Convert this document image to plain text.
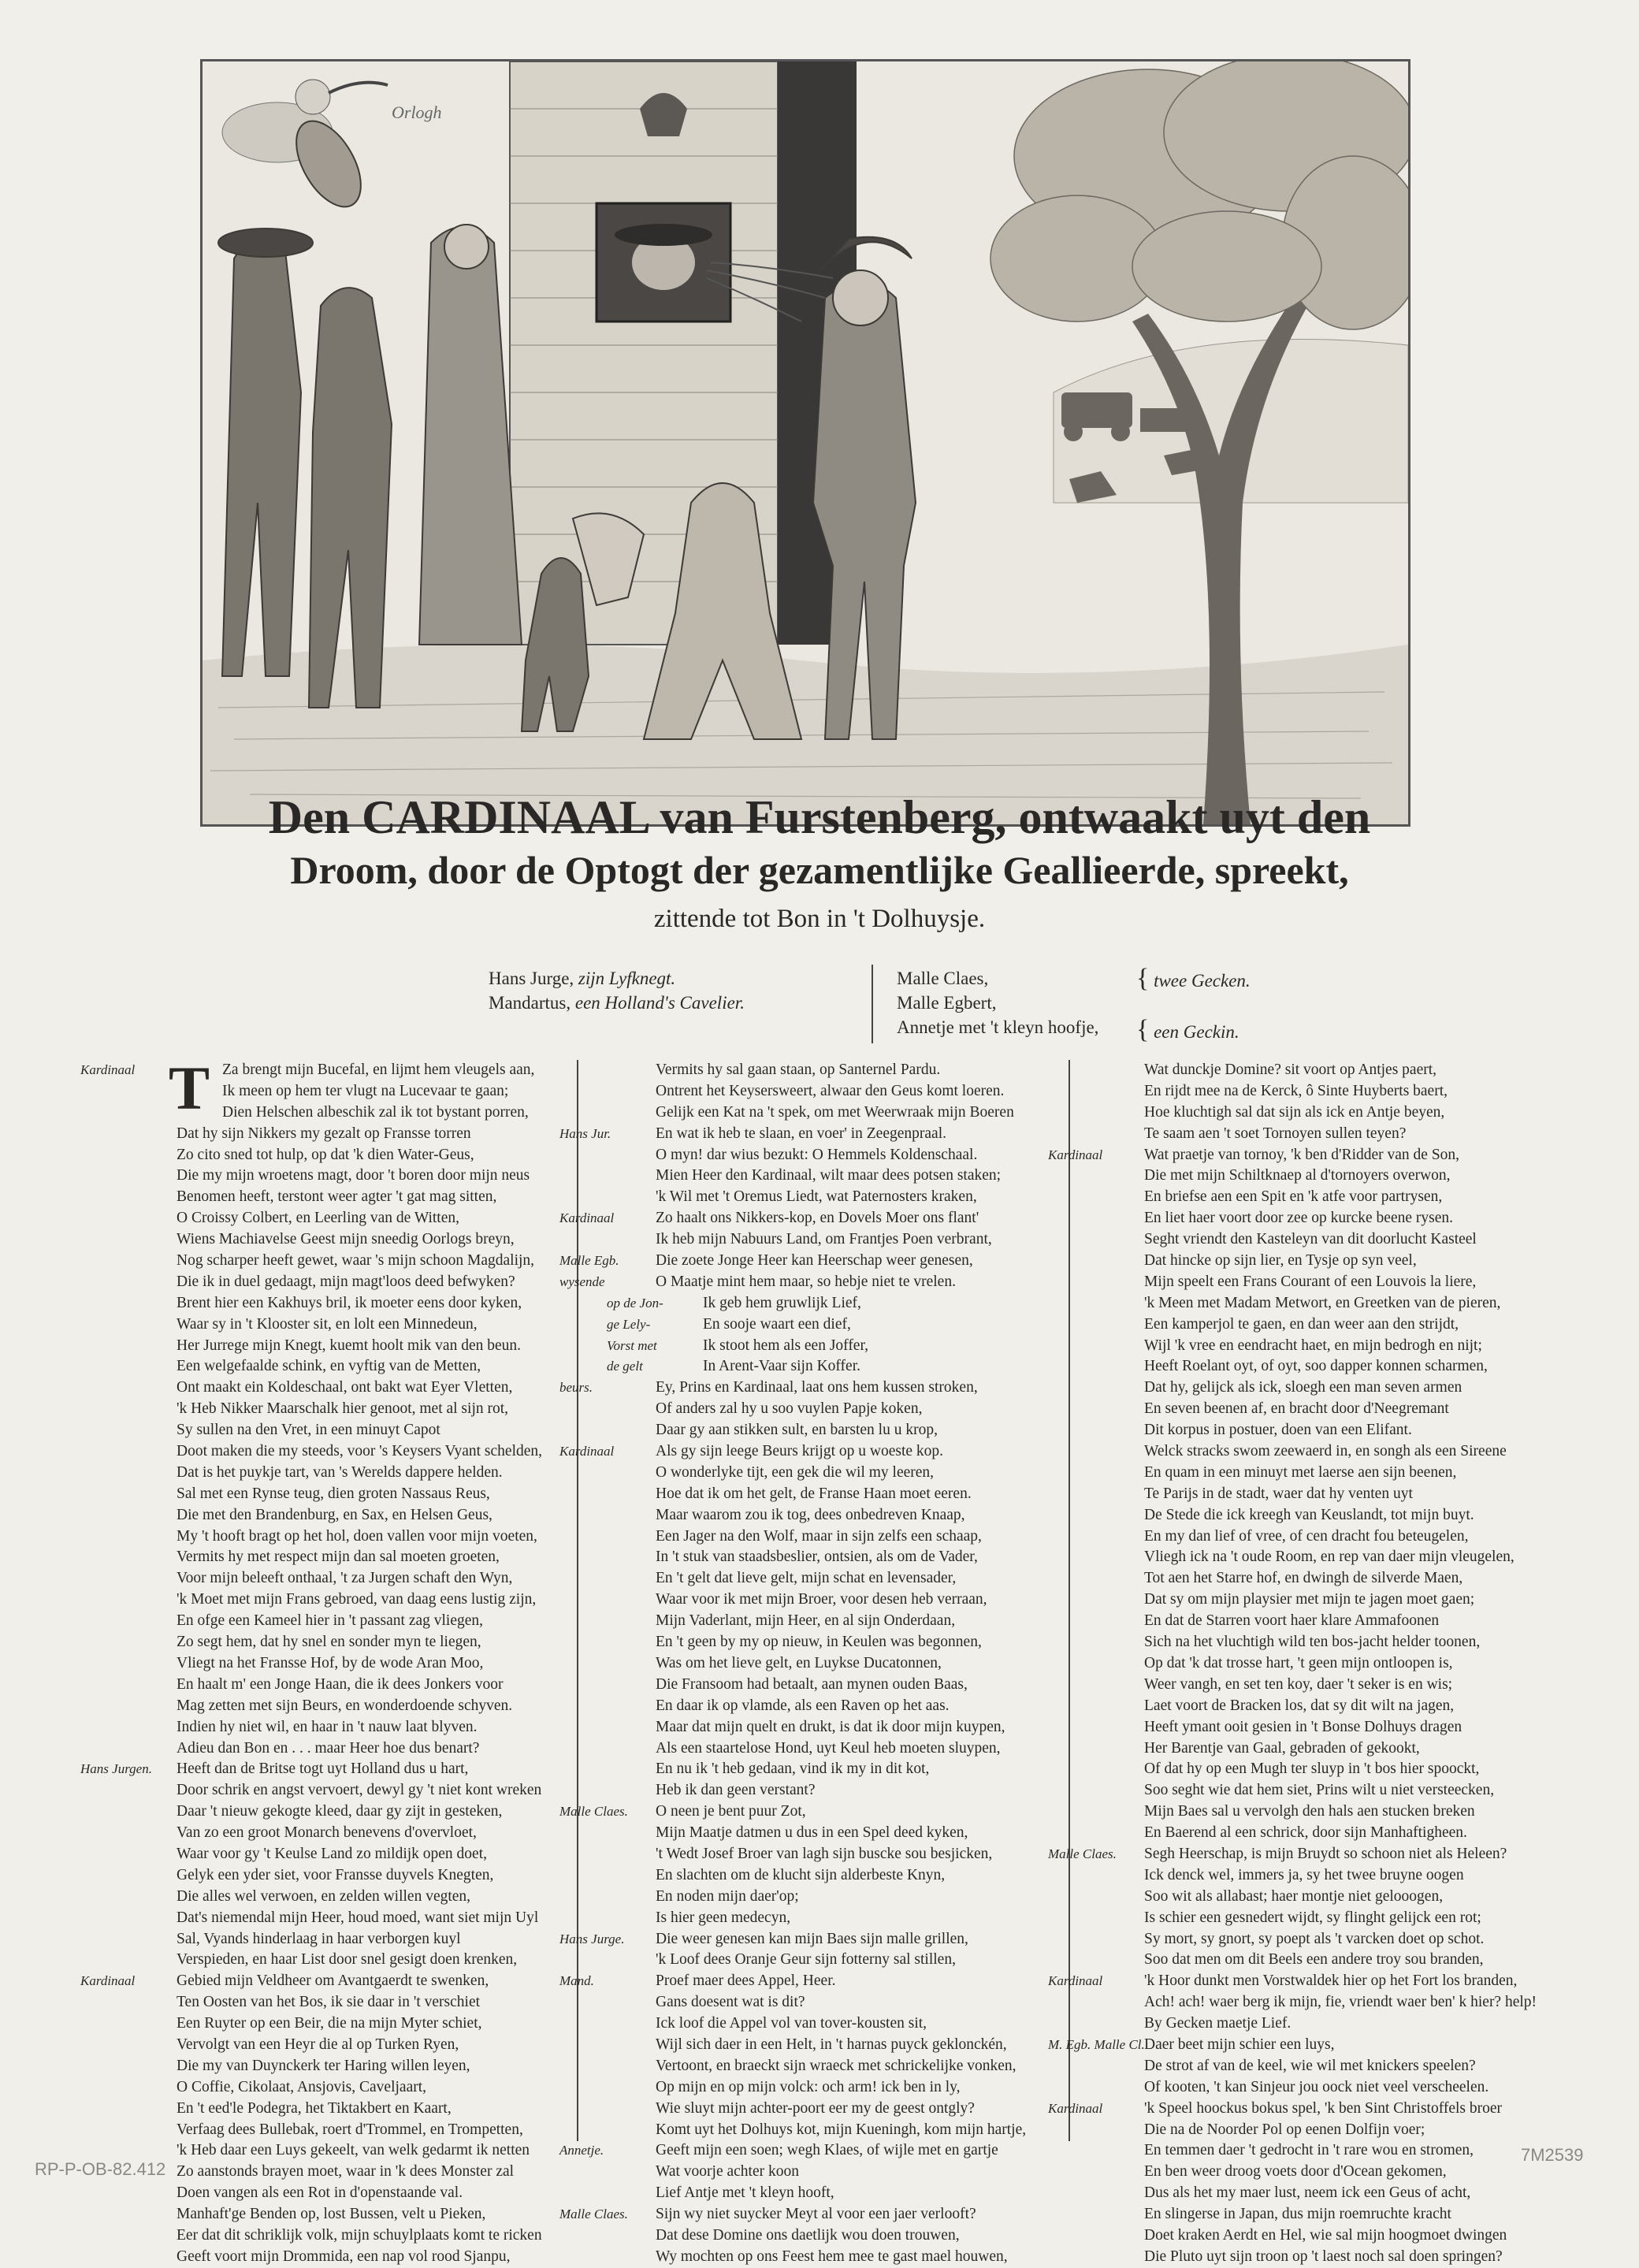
Orlogh
Den CARDINAAL van Furstenberg, ontwaakt uyt den
Droom, door de Optogt der gezamentlijke Geallieerde, spreekt,
zittende tot Bon in 't Dolhuysje.
Hans Jurge, zijn Lyfknegt.
Mandartus, een Holland's Cavelier.
Malle Claes,
Malle Egbert,
Annetje met 't kleyn hoofje,
{ twee Gecken.
{ een Geckin.
T
Kardinaal	Za brengt mijn Bucefal, en lijmt hem vleugels aan,
Ik meen op hem ter vlugt na Lucevaar te gaan;
Dien Helschen albeschik zal ik tot bystant porren,
Dat hy sijn Nikkers my gezalt op Fransse torren
Zo cito sned tot hulp, op dat 'k dien Water-Geus,
Die my mijn wroetens magt, door 't boren door mijn neus
Benomen heeft, terstont weer agter 't gat mag sitten,
O Croissy Colbert, en Leerling van de Witten,
Wiens Machiavelse Geest mijn sneedig Oorlogs breyn,
Nog scharper heeft gewet, waar 's mijn schoon Magdalijn,
Die ik in duel gedaagt, mijn magt'loos deed befwyken?
Brent hier een Kakhuys bril, ik moeter eens door kyken,
Waar sy in 't Klooster sit, en lolt een Minnedeun,
Her Jurrege mijn Knegt, kuemt hoolt mik van den beun.
Een welgefaalde schink, en vyftig van de Metten,
Ont maakt ein Koldeschaal, ont bakt wat Eyer Vletten,
'k Heb Nikker Maarschalk hier genoot, met al sijn rot,
Sy sullen na den Vret, in een minuyt Capot
Doot maken die my steeds, voor 's Keysers Vyant schelden,
Dat is het puykje tart, van 's Werelds dappere helden.
Sal met een Rynse teug, dien groten Nassaus Reus,
Die met den Brandenburg, en Sax, en Helsen Geus,
My 't hooft bragt op het hol, doen vallen voor mijn voeten,
Vermits hy met respect mijn dan sal moeten groeten,
Voor mijn beleeft onthaal, 't za Jurgen schaft den Wyn,
'k Moet met mijn Frans gebroed, van daag eens lustig zijn,
En ofge een Kameel hier in 't passant zag vliegen,
Zo segt hem, dat hy snel en sonder myn te liegen,
Vliegt na het Fransse Hof, by de wode Aran Moo,
En haalt m' een Jonge Haan, die ik dees Jonkers voor
Mag zetten met sijn Beurs, en wonderdoende schyven.
Indien hy niet wil, en haar in 't nauw laat blyven.
Adieu dan Bon en . . . maar Heer hoe dus benart?
Hans Jurgen.	Heeft dan de Britse togt uyt Holland dus u hart,
Door schrik en angst vervoert, dewyl gy 't niet kont wreken
Daar 't nieuw gekogte kleed, daar gy zijt in gesteken,
Van zo een groot Monarch benevens d'overvloet,
Waar voor gy 't Keulse Land zo mildijk open doet,
Gelyk een yder siet, voor Fransse duyvels Knegten,
Die alles wel verwoen, en zelden willen vegten,
Dat's niemendal mijn Heer, houd moed, want siet mijn Uyl
Sal, Vyands hinderlaag in haar verborgen kuyl
Verspieden, en haar List door snel gesigt doen krenken,
Kardinaal	Gebied mijn Veldheer om Avantgaerdt te swenken,
Ten Oosten van het Bos, ik sie daar in 't verschiet
Een Ruyter op een Beir, die na mijn Myter schiet,
Vervolgt van een Heyr die al op Turken Ryen,
Die my van Duynckerk ter Haring willen leyen,
O Coffie, Cikolaat, Ansjovis, Caveljaart,
En 't eed'le Podegra, het Tiktakbert en Kaart,
Verfaag dees Bullebak, roert d'Trommel, en Trompetten,
'k Heb daar een Luys gekeelt, van welk gedarmt ik netten
Zo aanstonds brayen moet, waar in 'k dees Monster zal
Doen vangen als een Rot in d'openstaande val.
Manhaft'ge Benden op, lost Bussen, velt u Pieken,
Eer dat dit schriklijk volk, mijn schuylplaats komt te ricken
Geeft voort mijn Drommida, een nap vol rood Sjanpu,
Vermits hy sal gaan staan, op Santernel Pardu.
Ontrent het Keysersweert, alwaar den Geus komt loeren.
Gelijk een Kat na 't spek, om met Weerwraak mijn Boeren
Hans Jur.	En wat ik heb te slaan, en voer' in Zeegenpraal.
O myn! dar wius bezukt: O Hemmels Koldenschaal.
Mien Heer den Kardinaal, wilt maar dees potsen staken;
'k Wil met 't Oremus Liedt, wat Paternosters kraken,
Kardinaal	Zo haalt ons Nikkers-kop, en Dovels Moer ons flant'
Ik heb mijn Nabuurs Land, om Frantjes Poen verbrant,
Malle Egb.	Die zoete Jonge Heer kan Heerschap weer genesen,
wysende	O Maatje mint hem maar, so hebje niet te vrelen.
op de Jon-	Ik geb hem gruwlijk Lief,
ge Lely-	En sooje waart een dief,
Vorst met	Ik stoot hem als een Joffer,
de gelt	In Arent-Vaar sijn Koffer.
beurs.	Ey, Prins en Kardinaal, laat ons hem kussen stroken,
Of anders zal hy u soo vuylen Papje koken,
Daar gy aan stikken sult, en barsten lu u krop,
Kardinaal	Als gy sijn leege Beurs krijgt op u woeste kop.
O wonderlyke tijt, een gek die wil my leeren,
Hoe dat ik om het gelt, de Franse Haan moet eeren.
Maar waarom zou ik tog, dees onbedreven Knaap,
Een Jager na den Wolf, maar in sijn zelfs een schaap,
In 't stuk van staadsbeslier, ontsien, als om de Vader,
En 't gelt dat lieve gelt, mijn schat en levensader,
Waar voor ik met mijn Broer, voor desen heb verraan,
Mijn Vaderlant, mijn Heer, en al sijn Onderdaan,
En 't geen by my op nieuw, in Keulen was begonnen,
Was om het lieve gelt, en Luykse Ducatonnen,
Die Fransoom had betaalt, aan mynen ouden Baas,
En daar ik op vlamde, als een Raven op het aas.
Maar dat mijn quelt en drukt, is dat ik door mijn kuypen,
Als een staartelose Hond, uyt Keul heb moeten sluypen,
En nu ik 't heb gedaan, vind ik my in dit kot,
Heb ik dan geen verstant?
Malle Claes.	O neen je bent puur Zot,
Mijn Maatje datmen u dus in een Spel deed kyken,
't Wedt Josef Broer van lagh sijn buscke sou besjicken,
En slachten om de klucht sijn alderbeste Knyn,
En noden mijn daer'op;
Is hier geen medecyn,
Hans Jurge.	Die weer genesen kan mijn Baes sijn malle grillen,
'k Loof dees Oranje Geur sijn fotterny sal stillen,
Mand.	Proef maer dees Appel, Heer.
Gans doesent wat is dit?
Ick loof die Appel vol van tover-kousten sit,
Wijl sich daer in een Helt, in 't harnas puyck geklonckén,
Vertoont, en braeckt sijn wraeck met schrickelijke vonken,
Op mijn en op mijn volck: och arm! ick ben in ly,
Wie sluyt mijn achter-poort eer my de geest ontgly?
Komt uyt het Dolhuys kot, mijn Kueningh, kom mijn hartje,
Annetje.	Geeft mijn een soen; wegh Klaes, of wijle met en gartje
Wat voorje achter koon
Lief Antje met 't kleyn hooft,
Malle Claes.	Sijn wy niet suycker Meyt al voor een jaer verlooft?
Dat dese Domine ons daetlijk wou doen trouwen,
Wy mochten op ons Feest hem mee te gast mael houwen,
Wat dunckje Domine? sit voort op Antjes paert,
En rijdt mee na de Kerck, ô Sinte Huyberts baert,
Hoe kluchtigh sal dat sijn als ick en Antje beyen,
Te saam aen 't soet Tornoyen sullen teyen?
Kardinaal	Wat praetje van tornoy, 'k ben d'Ridder van de Son,
Die met mijn Schiltknaep al d'tornoyers overwon,
En briefse aen een Spit en 'k atfe voor partrysen,
En liet haer voort door zee op kurcke beene rysen.
Seght vriendt den Kasteleyn van dit doorlucht Kasteel
Dat hincke op sijn lier, en Tysje op syn veel,
Mijn speelt een Frans Courant of een Louvois la liere,
'k Meen met Madam Metwort, en Greetken van de pieren,
Een kamperjol te gaen, en dan weer aan den strijdt,
Wijl 'k vree en eendracht haet, en mijn bedrogh en nijt;
Heeft Roelant oyt, of oyt, soo dapper konnen scharmen,
Dat hy, gelijck als ick, sloegh een man seven armen
En seven beenen af, en bracht door d'Neegremant
Dit korpus in postuer, doen van een Elifant.
Welck stracks swom zeewaerd in, en songh als een Sireene
En quam in een minuyt met laerse aen sijn beenen,
Te Parijs in de stadt, waer dat hy venten uyt
De Stede die ick kreegh van Keuslandt, tot mijn buyt.
En my dan lief of vree, of cen dracht fou beteugelen,
Vliegh ick na 't oude Room, en rep van daer mijn vleugelen,
Tot aen het Starre hof, en dwingh de silverde Maen,
Dat sy om mijn playsier met mijn te jagen moet gaen;
En dat de Starren voort haer klare Ammafoonen
Sich na het vluchtigh wild ten bos-jacht helder toonen,
Op dat 'k dat trosse hart, 't geen mijn ontloopen is,
Weer vangh, en set ten koy, daer 't seker is en wis;
Laet voort de Bracken los, dat sy dit wilt na jagen,
Heeft ymant ooit gesien in 't Bonse Dolhuys dragen
Her Barentje van Gaal, gebraden of gekookt,
Of dat hy op een Mugh ter sluyp in 't bos hier spoockt,
Soo seght wie dat hem siet, Prins wilt u niet versteecken,
Mijn Baes sal u vervolgh den hals aen stucken breken
En Baerend al een schrick, door sijn Manhaftigheen.
Malle Claes.	Segh Heerschap, is mijn Bruydt so schoon niet als Heleen?
Ick denck wel, immers ja, sy het twee bruyne oogen
Soo wit als allabast; haer montje niet gelooogen,
Is schier een gesnedert wijdt, sy flinght gelijck een rot;
Sy mort, sy gnort, sy poept als 't varcken doet op schot.
Soo dat men om dit Beels een andere troy sou branden,
Kardinaal	'k Hoor dunkt men Vorstwaldek hier op het Fort los branden,
Ach! ach! waer berg ik mijn, fie, vriendt waer ben' k hier? help!
By Gecken maetje Lief.
M. Egb. Malle Cl. Daer beet mijn schier een luys,
De strot af van de keel, wie wil met knickers speelen?
Of kooten, 't kan Sinjeur jou oock niet veel verscheelen.
Kardinaal	'k Speel hoockus bokus spel, 'k ben Sint Christoffels broer
Die na de Noorder Pol op eenen Dolfijn voer;
En temmen daer 't gedrocht in 't rare wou en stromen,
En ben weer droog voets door d'Ocean gekomen,
Dus als het my maer lust, neem ick een Geus of acht,
En slingerse in Japan, dus mijn roemruchte kracht
Doet kraken Aerdt en Hel, wie sal mijn hoogmoet dwingen
Die Pluto uyt sijn troon op 't laest noch sal doen springen?
RP-P-OB-82.412
7M2539
